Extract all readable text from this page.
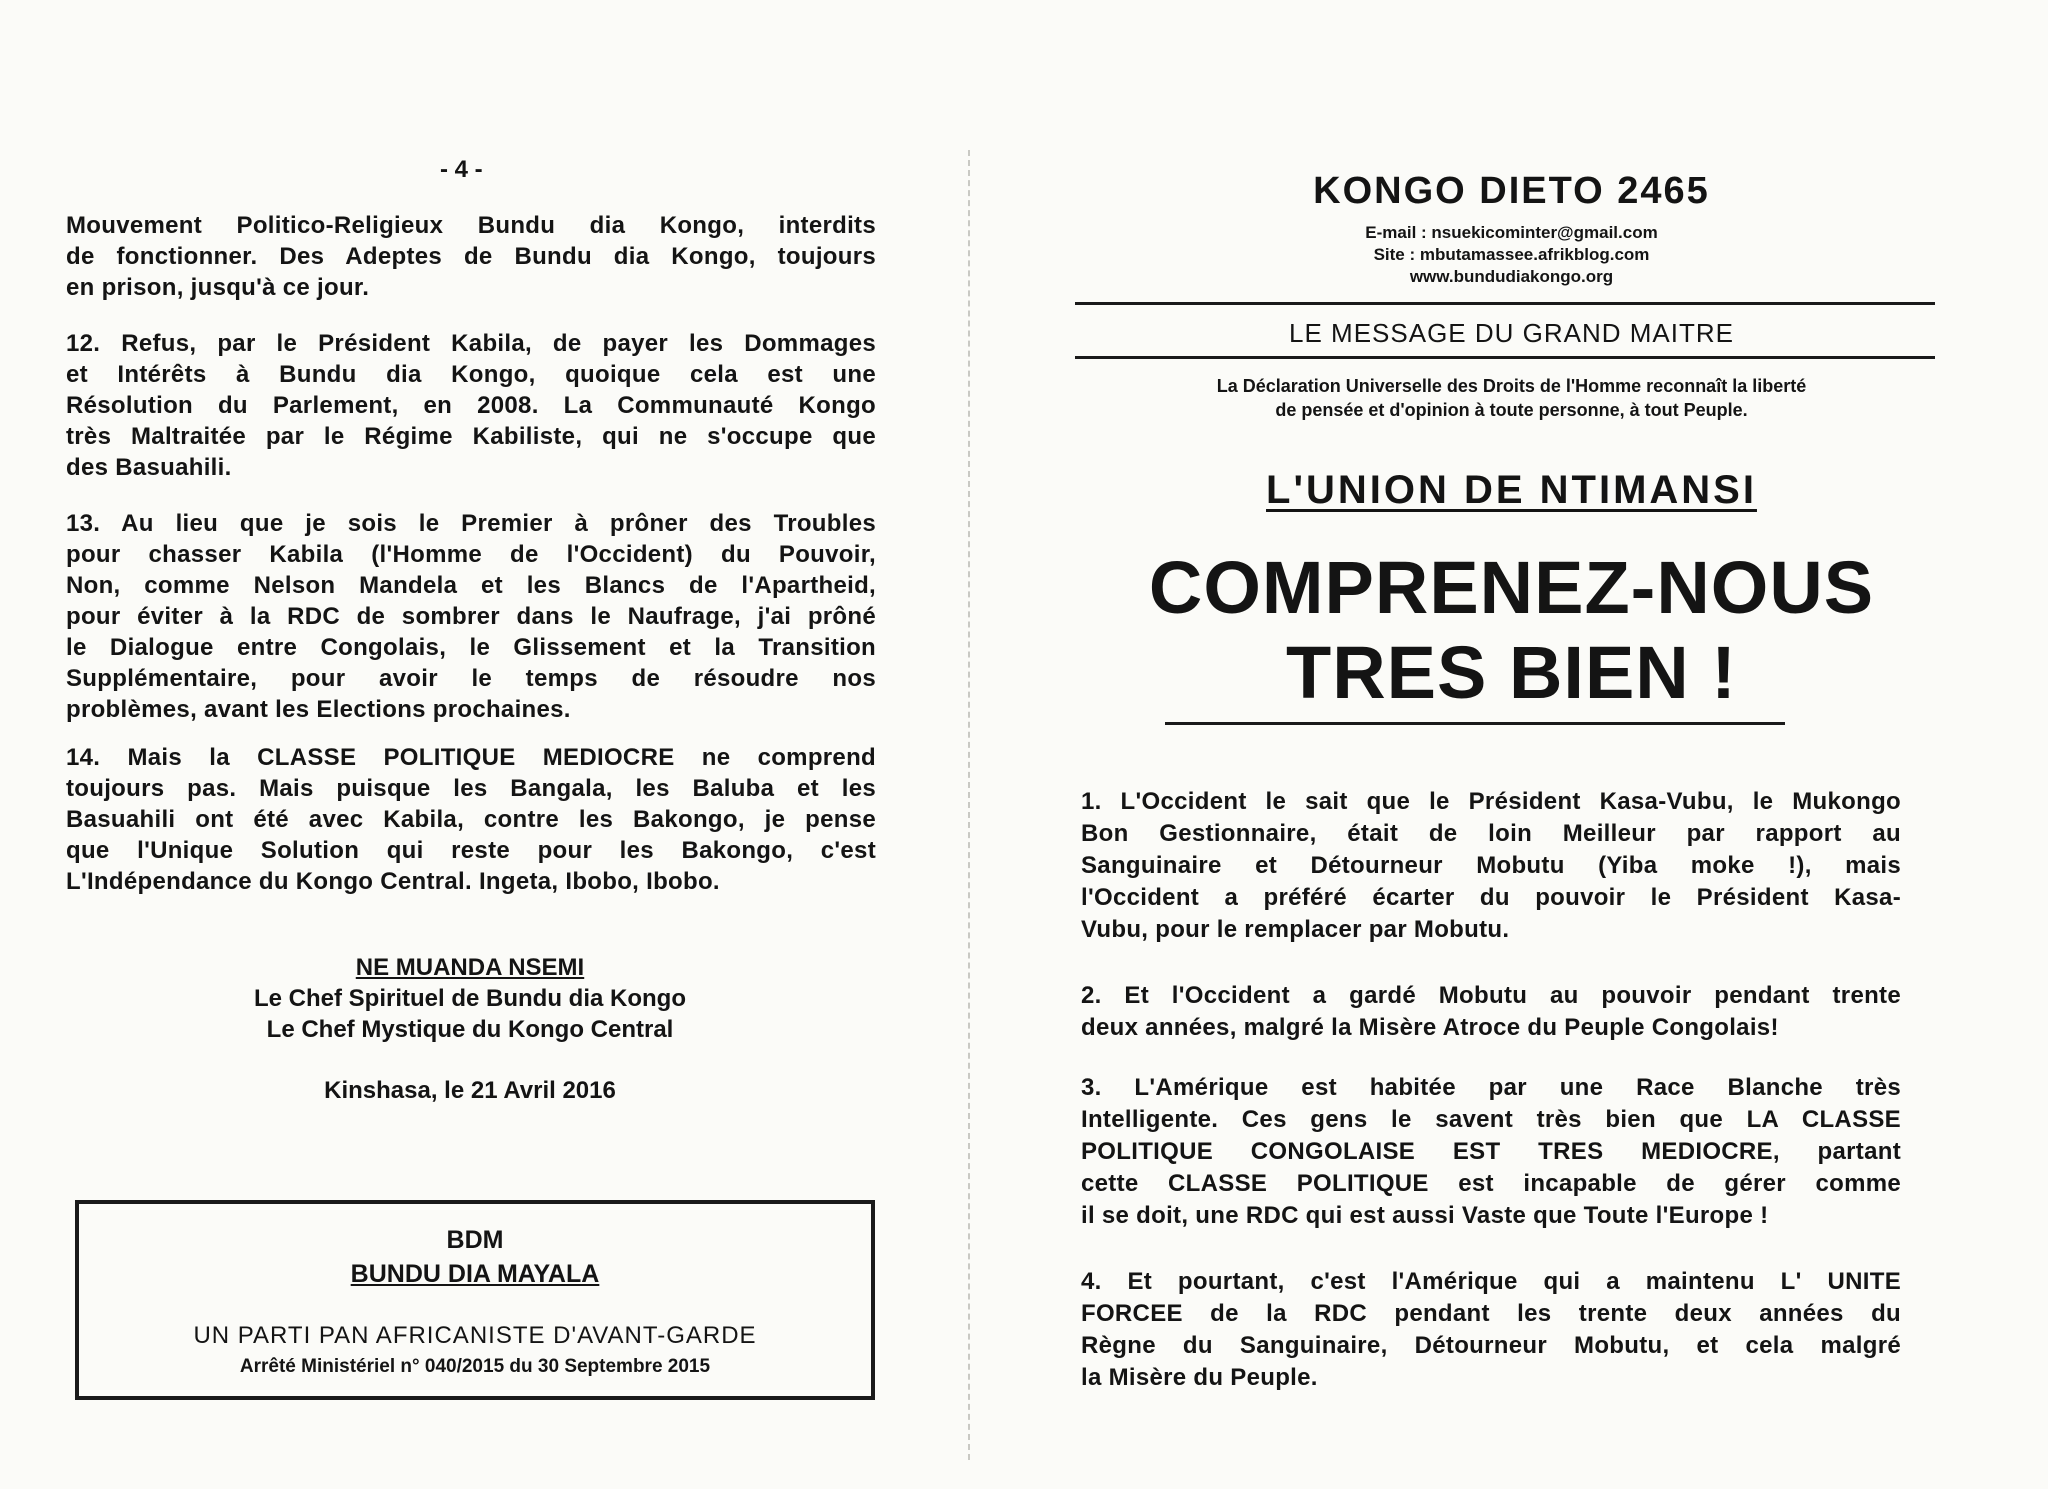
- 4 -
Mouvement Politico-Religieux Bundu dia Kongo, interdits
de fonctionner. Des Adeptes de Bundu dia Kongo, toujours
en prison, jusqu'à ce jour.
12. Refus, par le Président Kabila, de payer les Dommages
et Intérêts à Bundu dia Kongo, quoique cela est une
Résolution du Parlement, en 2008. La Communauté Kongo
très Maltraitée par le Régime Kabiliste, qui ne s'occupe que
des Basuahili.
13. Au lieu que je sois le Premier à prôner des Troubles
pour chasser Kabila (l'Homme de l'Occident) du Pouvoir,
Non, comme Nelson Mandela et les Blancs de l'Apartheid,
pour éviter à la RDC de sombrer dans le Naufrage, j'ai prôné
le Dialogue entre Congolais, le Glissement et la Transition
Supplémentaire, pour avoir le temps de résoudre nos
problèmes, avant les Elections prochaines.
14. Mais la CLASSE POLITIQUE MEDIOCRE ne comprend
toujours pas. Mais puisque les Bangala, les Baluba et les
Basuahili ont été avec Kabila, contre les Bakongo, je pense
que l'Unique Solution qui reste pour les Bakongo, c'est
L'Indépendance du Kongo Central. Ingeta, Ibobo, Ibobo.
NE MUANDA NSEMI
Le Chef Spirituel de Bundu dia Kongo
Le Chef Mystique du Kongo Central
Kinshasa, le 21 Avril 2016
BDM
BUNDU DIA MAYALA
UN PARTI PAN AFRICANISTE D'AVANT-GARDE
Arrêté Ministériel n° 040/2015 du 30 Septembre 2015
KONGO DIETO 2465
E-mail : nsuekicominter@gmail.com
Site : mbutamassee.afrikblog.com
www.bundudiakongo.org
LE MESSAGE DU GRAND MAITRE
La Déclaration Universelle des Droits de l'Homme reconnaît la liberté
de pensée et d'opinion à toute personne, à tout Peuple.
L'UNION DE NTIMANSI
COMPRENEZ-NOUS
TRES BIEN !
1. L'Occident le sait que le Président Kasa-Vubu, le Mukongo
Bon Gestionnaire, était de loin Meilleur par rapport au
Sanguinaire et Détourneur Mobutu (Yiba moke !), mais
l'Occident a préféré écarter du pouvoir le Président Kasa-
Vubu, pour le remplacer par Mobutu.
2. Et l'Occident a gardé Mobutu au pouvoir pendant trente
deux années, malgré la Misère Atroce du Peuple Congolais!
3. L'Amérique est habitée par une Race Blanche très
Intelligente. Ces gens le savent très bien que LA CLASSE
POLITIQUE CONGOLAISE EST TRES MEDIOCRE, partant
cette CLASSE POLITIQUE est incapable de gérer comme
il se doit, une RDC qui est aussi Vaste que Toute l'Europe !
4. Et pourtant, c'est l'Amérique qui a maintenu L' UNITE
FORCEE de la RDC pendant les trente deux années du
Règne du Sanguinaire, Détourneur Mobutu, et cela malgré
la Misère du Peuple.
